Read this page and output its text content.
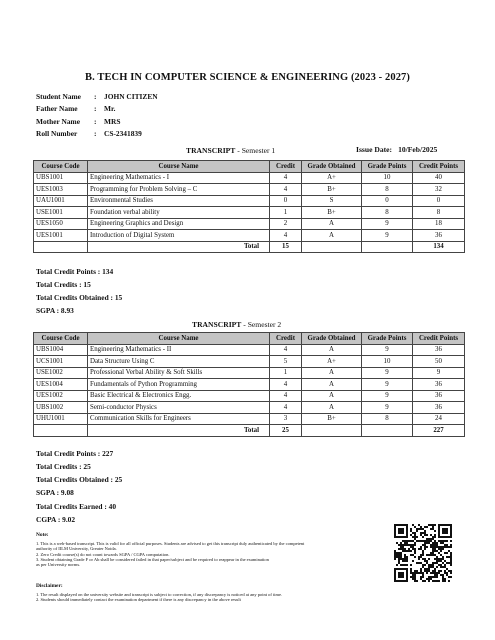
B. TECH IN COMPUTER SCIENCE & ENGINEERING (2023 - 2027)
Student Name : JOHN CITIZEN
Father Name : Mr.
Mother Name : MRS
Roll Number : CS-2341839
TRANSCRIPT - Semester 1	Issue Date: 10/Feb/2025
Course Code	Course Name	Credit	Grade Obtained	Grade Points	Credit Points
UBS1001	Engineering Mathematics - I	4	A+	10	40
UES1003	Programming for Problem Solving – C	4	B+	8	32
UAU1001	Environmental Studies	0	S	0	0
USE1001	Foundation verbal ability	1	B+	8	8
UES1050	Engineering Graphics and Design	2	A	9	18
UES1001	Introduction of Digital System	4	A	9	36
	Total	15			134
Total Credit Points : 134
Total Credits : 15
Total Credits Obtained : 15
SGPA : 8.93
TRANSCRIPT - Semester 2
Course Code	Course Name	Credit	Grade Obtained	Grade Points	Credit Points
UBS1004	Engineering Mathematics - II	4	A	9	36
UCS1001	Data Structure Using C	5	A+	10	50
USE1002	Professional Verbal Ability & Soft Skills	1	A	9	9
UES1004	Fundamentals of Python Programming	4	A	9	36
UES1002	Basic Electrical & Electronics Engg.	4	A	9	36
UBS1002	Semi-conductor Physics	4	A	9	36
UHU1001	Communication Skills for Engineers	3	B+	8	24
	Total	25			227
Total Credit Points : 227
Total Credits : 25
Total Credits Obtained : 25
SGPA : 9.08
Total Credits Earned : 40
CGPA : 9.02
Note:
1. This is a web-based transcript. This is valid for all official purposes. Students are advised to get this transcript duly authenticated by the competent
authority of IILM University, Greater Noida.
2. Zero Credit course(s) do not count towards SGPA / CGPA computation.
3. Student obtaining Grade F or Ab shall be considered failed in that paper/subject and be required to reappear in the examination
as per University norms.
Disclaimer:
1. The result displayed on the university website and transcript is subject to correction, if any discrepancy is noticed at any point of time.
2. Students should immediately contact the examination department if there is any discrepancy in the above result
